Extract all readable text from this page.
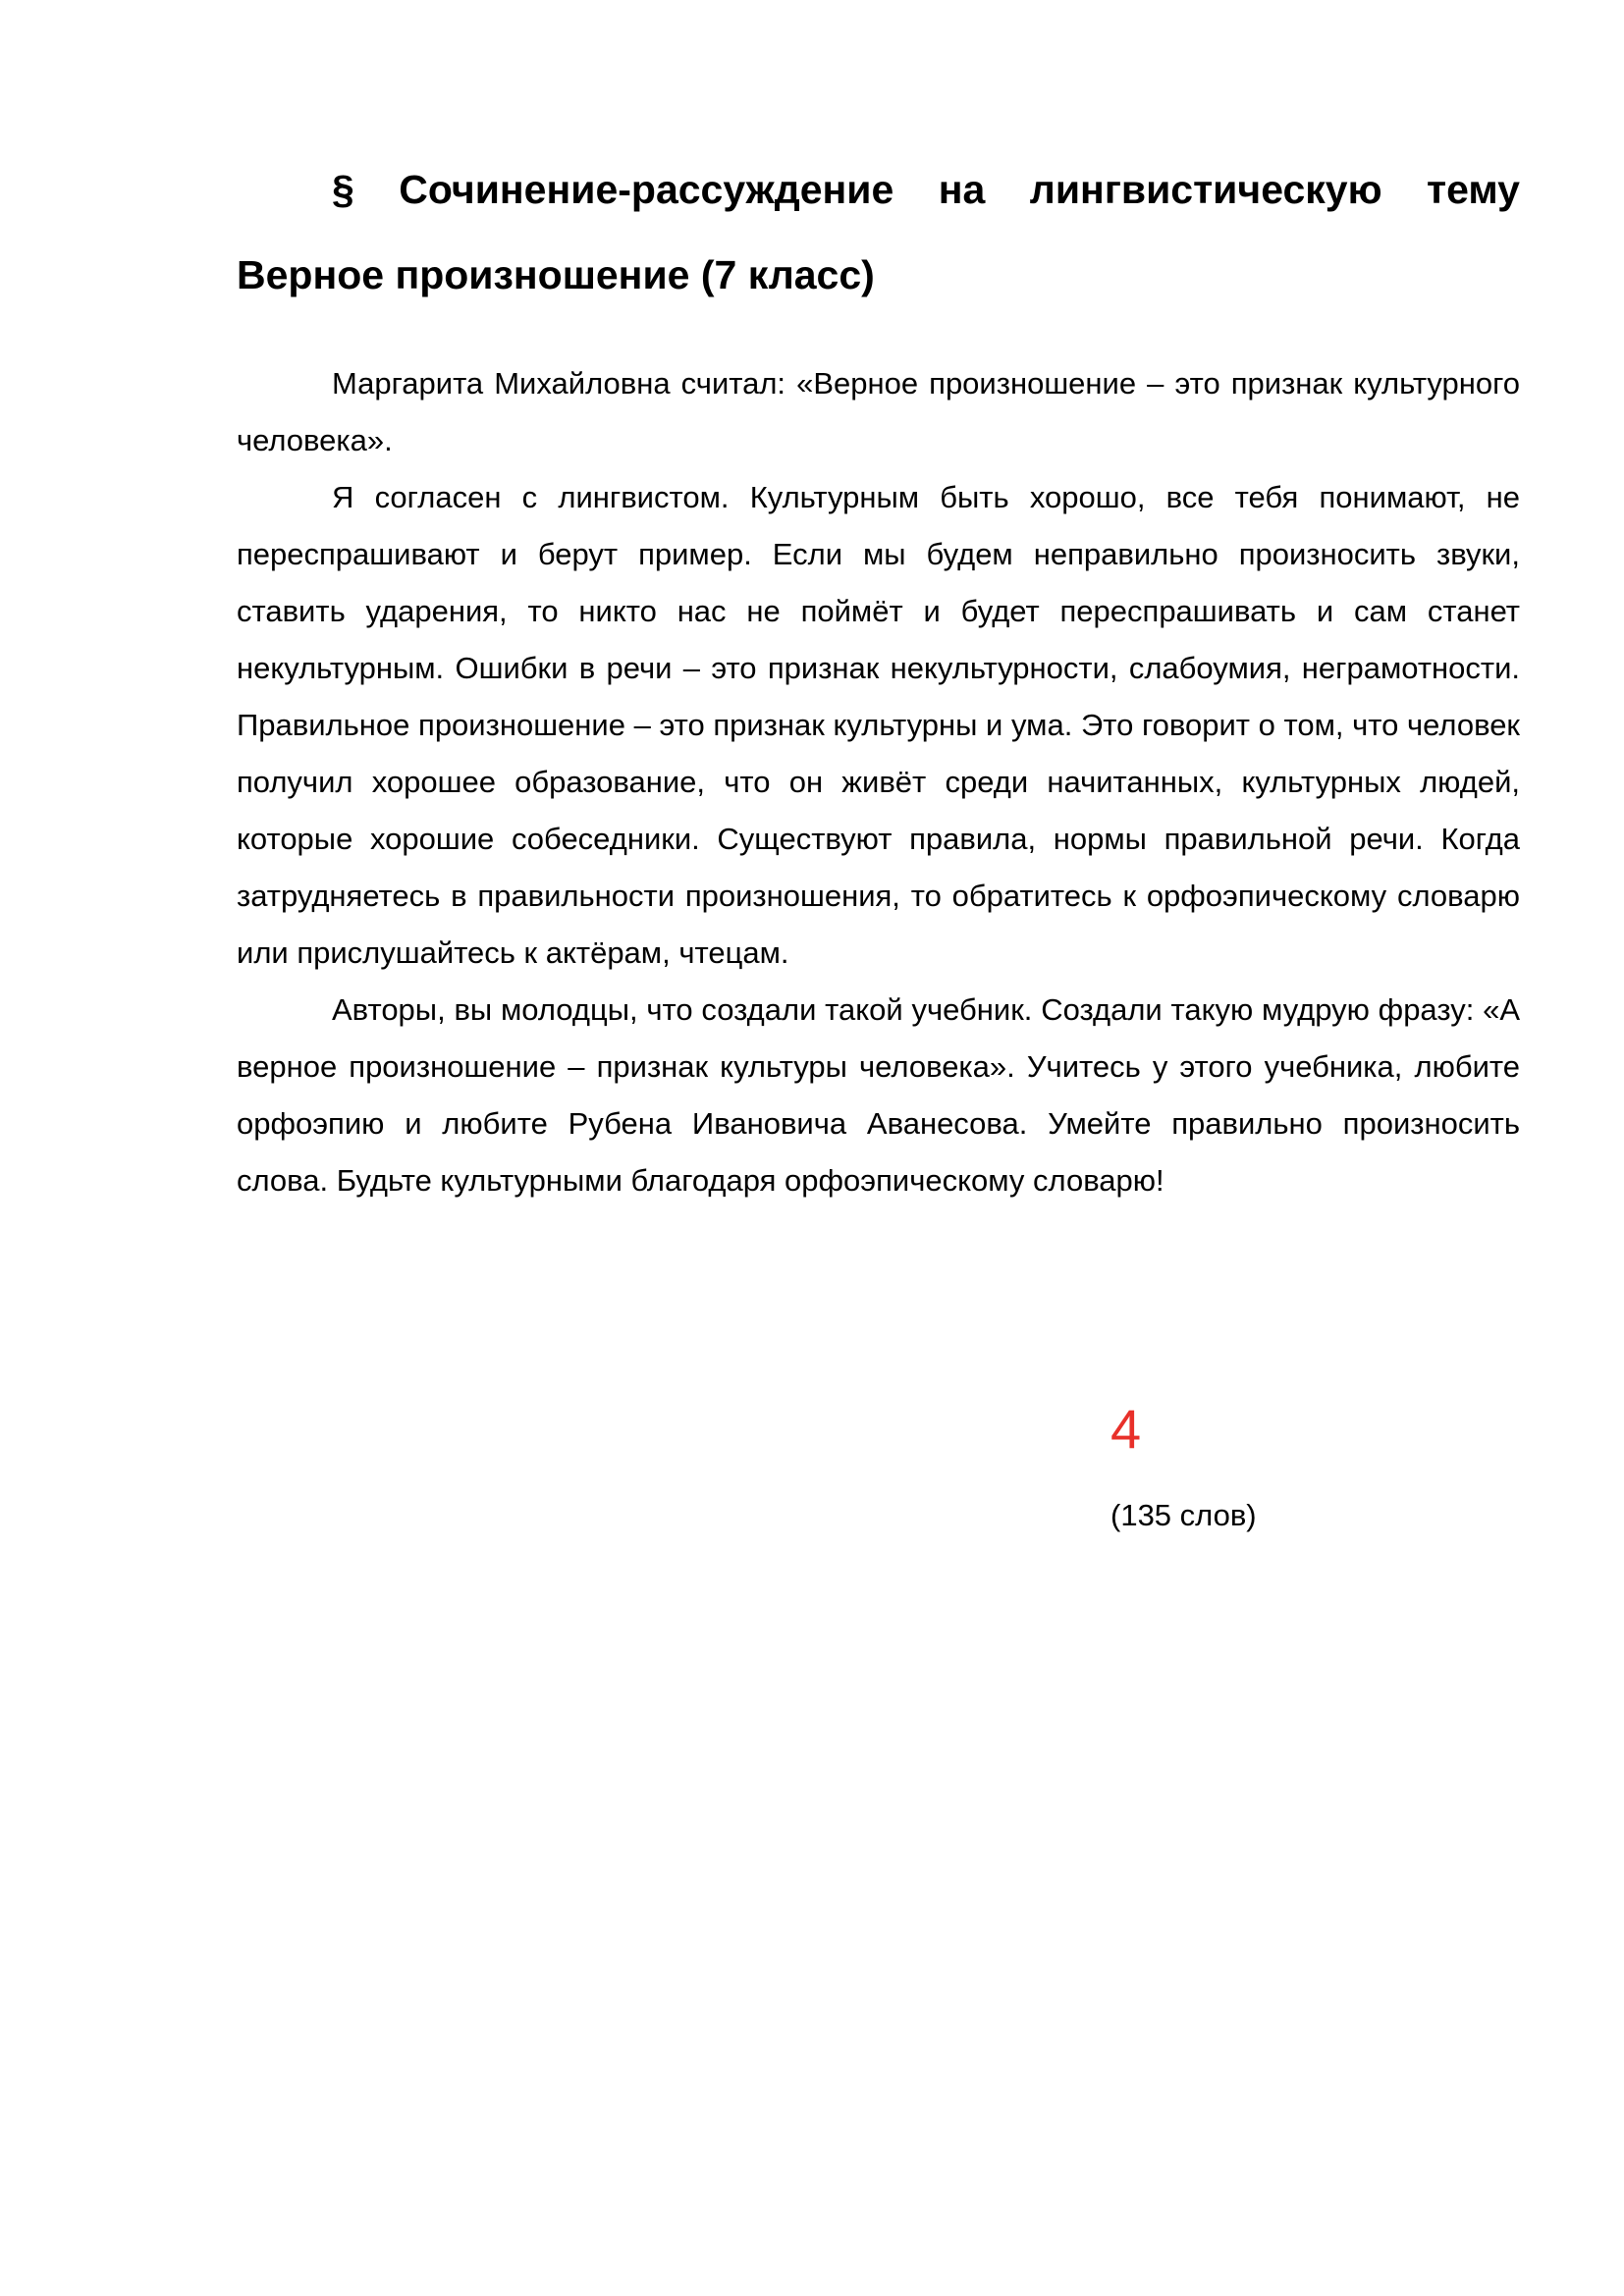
§ Сочинение-рассуждение на лингвистическую тему Верное произношение (7 класс)

Маргарита Михайловна считал: «Верное произношение – это признак культурного человека».

Я согласен с лингвистом. Культурным быть хорошо, все тебя понимают, не переспрашивают и берут пример. Если мы будем неправильно произносить звуки, ставить ударения, то никто нас не поймёт и будет переспрашивать и сам станет некультурным. Ошибки в речи – это признак некультурности, слабоумия, неграмотности. Правильное произношение – это признак культурны и ума. Это говорит о том, что человек получил хорошее образование, что он живёт среди начитанных, культурных людей, которые хорошие собеседники. Существуют правила, нормы правильной речи. Когда затрудняетесь в правильности произношения, то обратитесь к орфоэпическому словарю или прислушайтесь к актёрам, чтецам.

Авторы, вы молодцы, что создали такой учебник. Создали такую мудрую фразу: «А верное произношение – признак культуры человека». Учитесь у этого учебника, любите орфоэпию и любите Рубена Ивановича Аванесова. Умейте правильно произносить слова. Будьте культурными благодаря орфоэпическому словарю!

4

(135 слов)
